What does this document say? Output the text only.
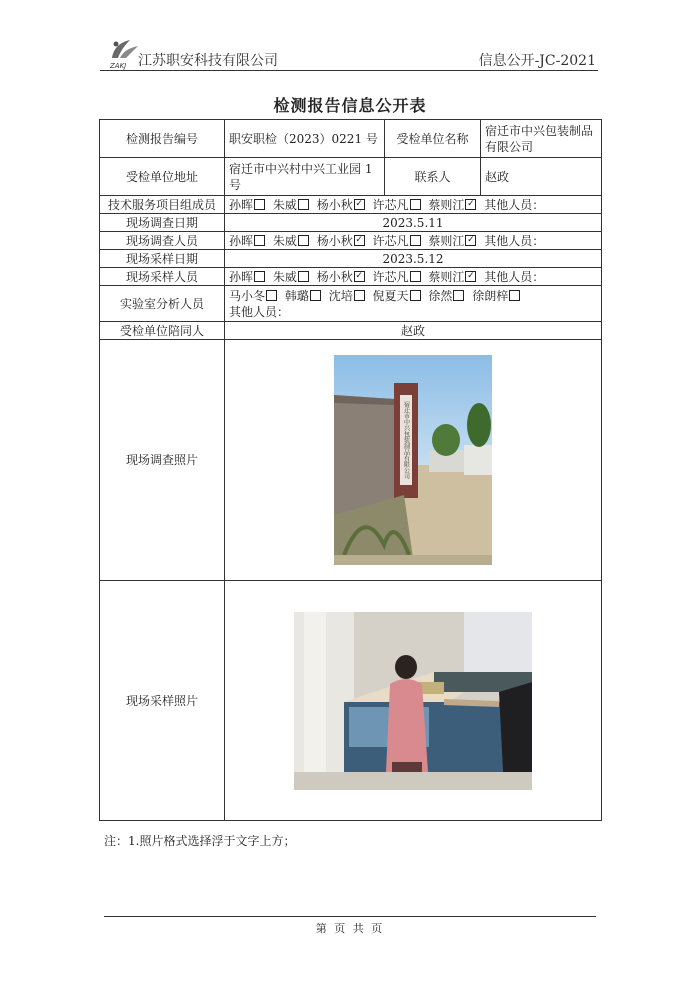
ZAKJ 江苏职安科技有限公司	信息公开-JC-2021
检测报告信息公开表
检测报告编号	职安职检（2023）0221 号	受检单位名称	宿迁市中兴包装制品有限公司
受检单位地址	宿迁市中兴村中兴工业园 1 号	联系人	赵政
技术服务项目组成员	孙晖 朱威 杨小秋 ✓ 许芯凡 蔡则江 ✓ 其他人员：
现场调查日期	2023.5.11		
现场调查人员	孙晖 朱威 杨小秋 ✓ 许芯凡 蔡则江 ✓ 其他人员：
现场采样日期	2023.5.12		
现场采样人员	孙晖 朱威 杨小秋 ✓ 许芯凡 蔡则江 ✓ 其他人员：
实验室分析人员	马小冬 韩璐 沈培 倪夏天 徐然 徐朗梓
其他人员：		

受检单位陪同人	赵政		
现场调查照片	宿迁市中兴包装制品有限公司		

现场采样照片	
注：1.照片格式选择浮于文字上方；
第 页 共 页
